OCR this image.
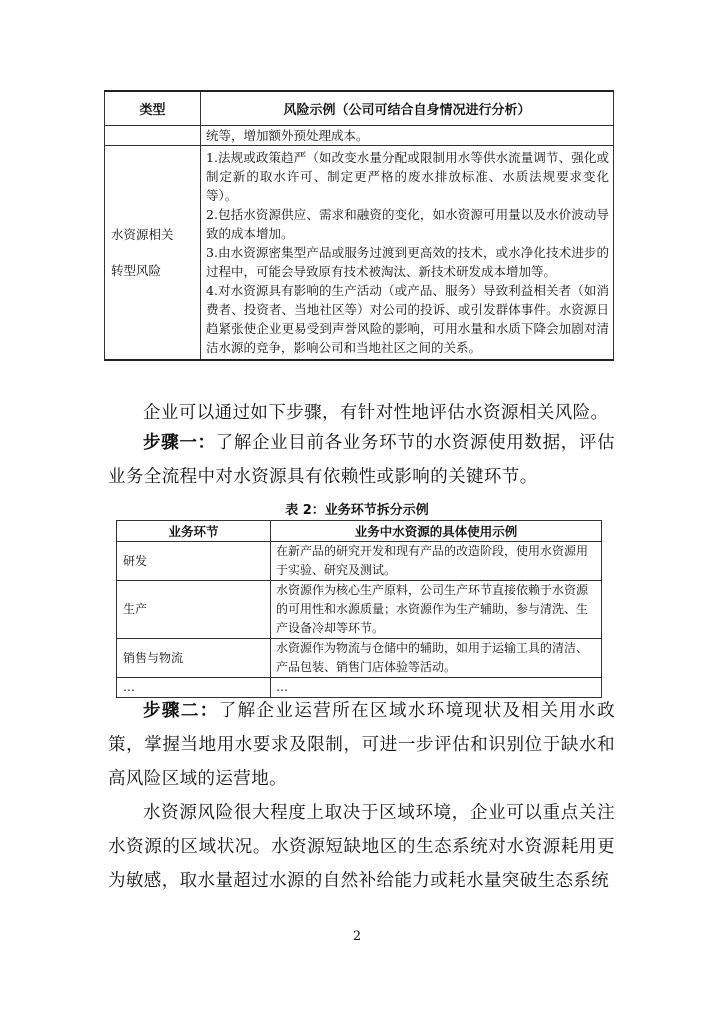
类型	风险示例（公司可结合自身情况进行分析）
	统等，增加额外预处理成本。

水资源相关
转型风险	1.法规或政策趋严（如改变水量分配或限制用水等供水流量调节、强化或制定新的取水许可、制定更严格的废水排放标准、水质法规要求变化等）。
2.包括水资源供应、需求和融资的变化，如水资源可用量以及水价波动导致的成本增加。
3.由水资源密集型产品或服务过渡到更高效的技术，或水净化技术进步的过程中，可能会导致原有技术被淘汰、新技术研发成本增加等。
4.对水资源具有影响的生产活动（或产品、服务）导致利益相关者（如消费者、投资者、当地社区等）对公司的投诉、或引发群体事件。水资源日趋紧张使企业更易受到声誉风险的影响，可用水量和水质下降会加剧对清洁水源的竞争，影响公司和当地社区之间的关系。
企业可以通过如下步骤，有针对性地评估水资源相关风险。
步骤一：了解企业目前各业务环节的水资源使用数据，评估业务全流程中对水资源具有依赖性或影响的关键环节。
表 2：业务环节拆分示例
业务环节	业务中水资源的具体使用示例
研发	在新产品的研究开发和现有产品的改造阶段，使用水资源用于实验、研究及测试。
生产	水资源作为核心生产原料，公司生产环节直接依赖于水资源的可用性和水源质量；水资源作为生产辅助，参与清洗、生产设备冷却等环节。
销售与物流	水资源作为物流与仓储中的辅助，如用于运输工具的清洁、产品包装、销售门店体验等活动。
…	…
步骤二：了解企业运营所在区域水环境现状及相关用水政策，掌握当地用水要求及限制，可进一步评估和识别位于缺水和高风险区域的运营地。
水资源风险很大程度上取决于区域环境，企业可以重点关注水资源的区域状况。水资源短缺地区的生态系统对水资源耗用更为敏感，取水量超过水源的自然补给能力或耗水量突破生态系统
2
